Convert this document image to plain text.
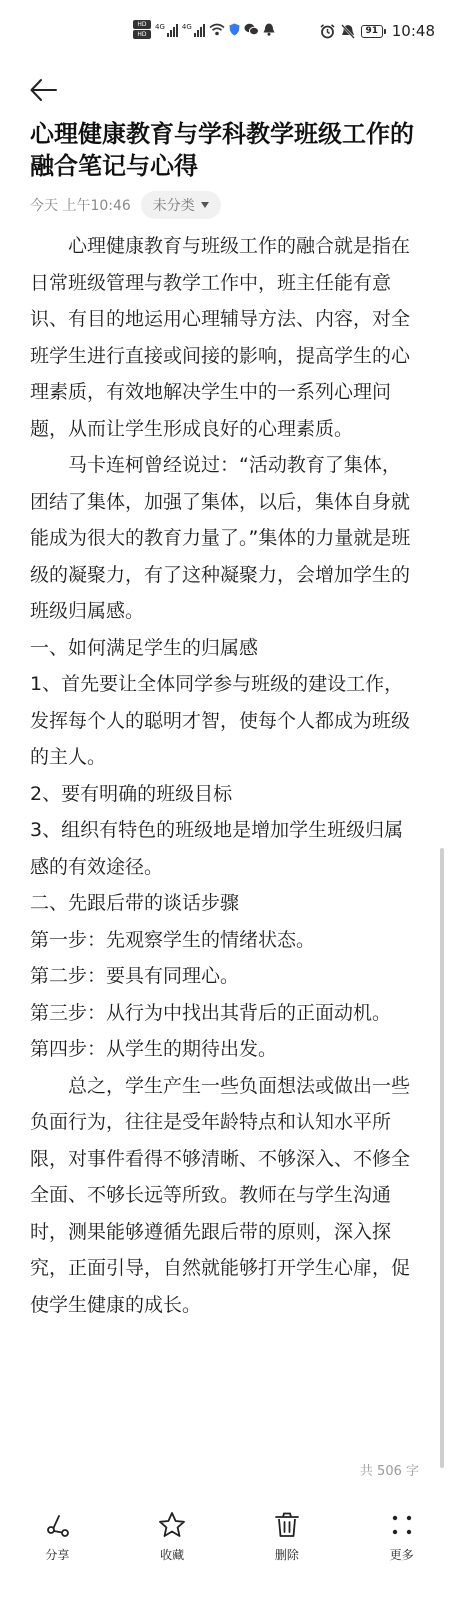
HD
HD
4G 4G	91 10:48
心理健康教育与学科教学班级工作的融合笔记与心得
今天 上午10:46 未分类

心理健康教育与班级工作的融合就是指在日常班级管理与教学工作中，班主任能有意识、有目的地运用心理辅导方法、内容，对全班学生进行直接或间接的影响，提高学生的心理素质，有效地解决学生中的一系列心理问题，从而让学生形成良好的心理素质。

马卡连柯曾经说过：“活动教育了集体，团结了集体，加强了集体，以后，集体自身就能成为很大的教育力量了。”集体的力量就是班级的凝聚力，有了这种凝聚力，会增加学生的班级归属感。

一、如何满足学生的归属感

1、首先要让全体同学参与班级的建设工作，发挥每个人的聪明才智，使每个人都成为班级的主人。

2、要有明确的班级目标

3、组织有特色的班级地是增加学生班级归属感的有效途径。

二、先跟后带的谈话步骤

第一步：先观察学生的情绪状态。

第二步：要具有同理心。

第三步：从行为中找出其背后的正面动机。

第四步：从学生的期待出发。

总之，学生产生一些负面想法或做出一些负面行为，往往是受年龄特点和认知水平所限，对事件看得不够清晰、不够深入、不修全全面、不够长远等所致。教师在与学生沟通时，测果能够遵循先跟后带的原则，深入探究，正面引导，自然就能够打开学生心扉，促使学生健康的成长。

共 506 字
分享	收藏	删除	更多
